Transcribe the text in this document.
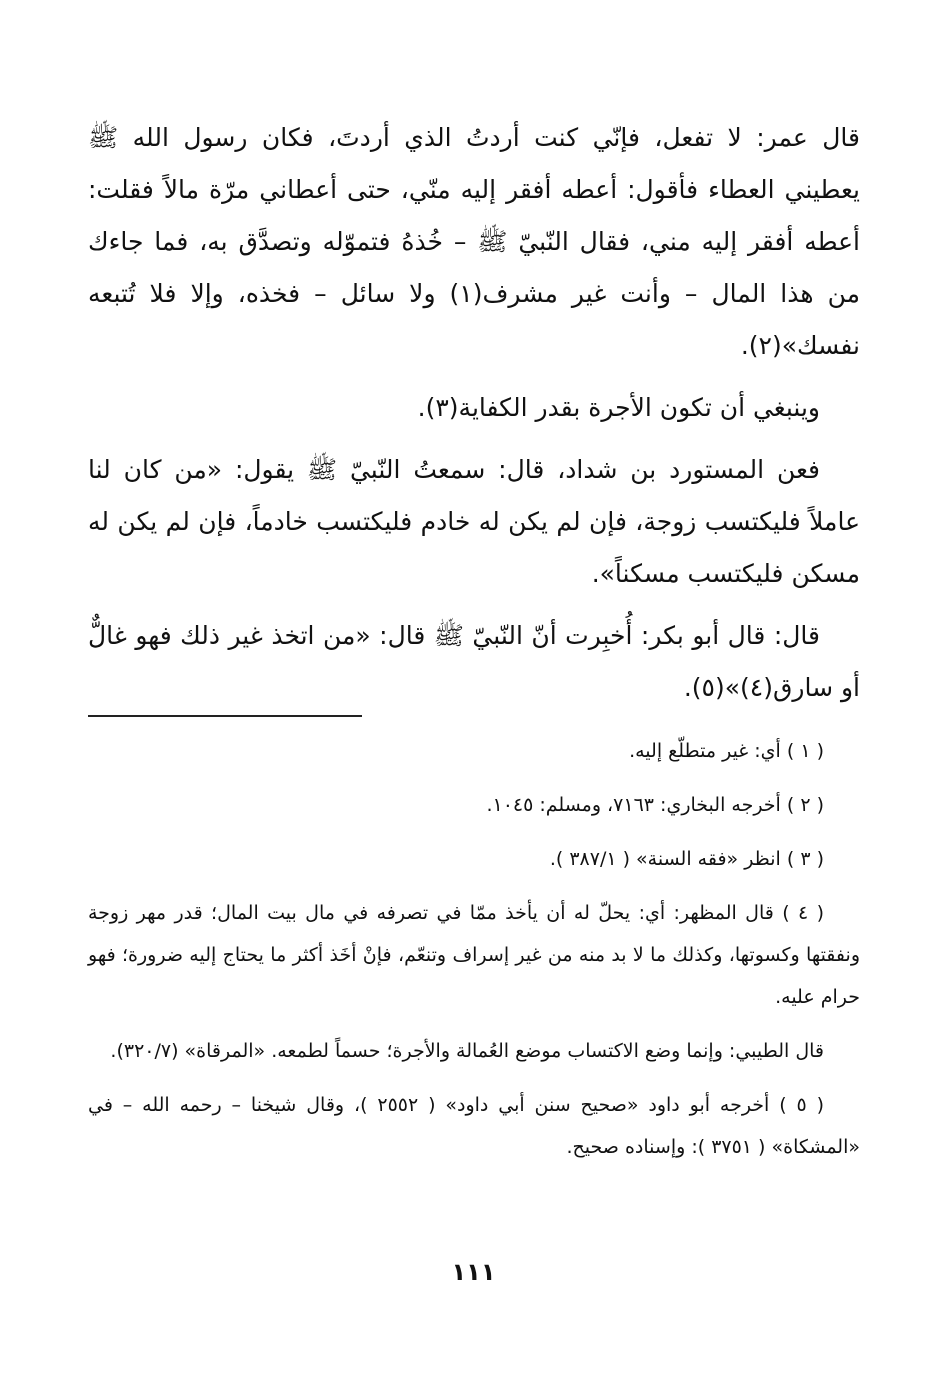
قال عمر: لا تفعل، فإنّي كنت أردتُ الذي أردتَ، فكان رسول الله ﷺ يعطيني العطاء فأقول: أعطه أفقر إليه منّي، حتى أعطاني مرّة مالاً فقلت: أعطه أفقر إليه مني، فقال النّبيّ ﷺ – خُذهُ فتموّله وتصدَّق به، فما جاءك من هذا المال – وأنت غير مشرف(١) ولا سائل – فخذه، وإلا فلا تُتبعه نفسك»(٢).

وينبغي أن تكون الأجرة بقدر الكفاية(٣).

فعن المستورد بن شداد، قال: سمعتُ النّبيّ ﷺ يقول: «من كان لنا عاملاً فليكتسب زوجة، فإن لم يكن له خادم فليكتسب خادماً، فإن لم يكن له مسكن فليكتسب مسكناً».

قال: قال أبو بكر: أُخبِرت أنّ النّبيّ ﷺ قال: «من اتخذ غير ذلك فهو غالٌّ أو سارق(٤)»(٥).

( ١ ) أي: غير متطلّع إليه.

( ٢ ) أخرجه البخاري: ٧١٦٣، ومسلم: ١٠٤٥.

( ٣ ) انظر «فقه السنة» ( ٣٨٧/١ ).

( ٤ ) قال المظهر: أي: يحلّ له أن يأخذ ممّا في تصرفه في مال بيت المال؛ قدر مهر زوجة ونفقتها وكسوتها، وكذلك ما لا بد منه من غير إسراف وتنعّم، فإنْ أخَذ أكثر ما يحتاج إليه ضرورة؛ فهو حرام عليه.

قال الطيبي: وإنما وضع الاكتساب موضع العُمالة والأجرة؛ حسماً لطمعه. «المرقاة» (٣٢٠/٧).

( ٥ ) أخرجه أبو داود «صحيح سنن أبي داود» ( ٢٥٥٢ )، وقال شيخنا – رحمه الله – في «المشكاة» ( ٣٧٥١ ): وإسناده صحيح.

١١١
